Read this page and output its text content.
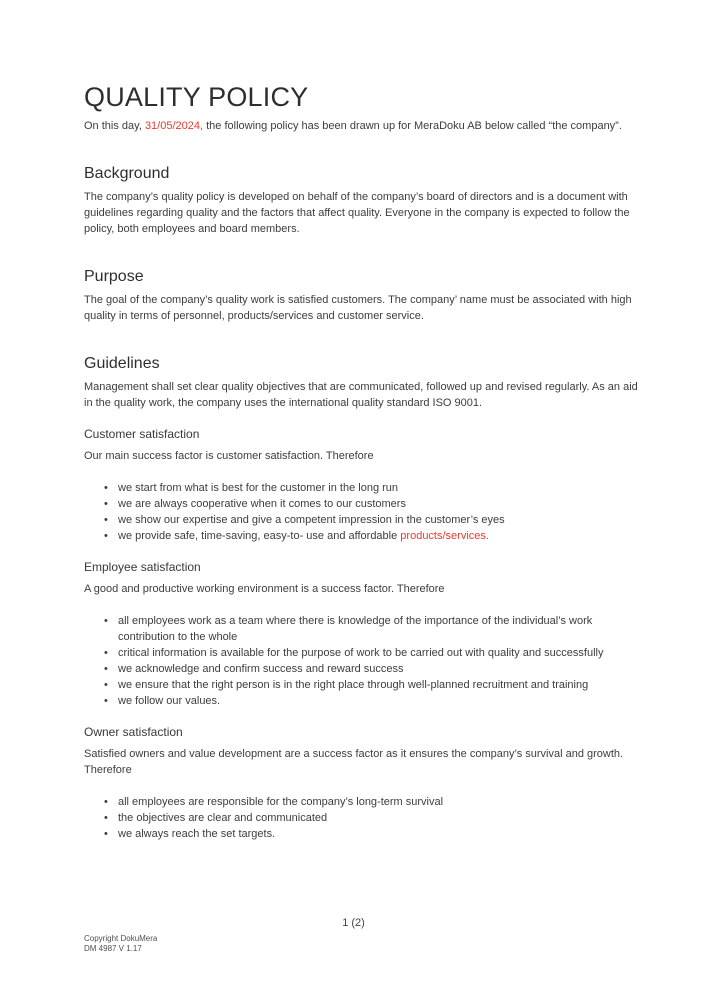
QUALITY POLICY

On this day, 31/05/2024, the following policy has been drawn up for MeraDoku AB below called “the company”.

Background

The company’s quality policy is developed on behalf of the company’s board of directors and is a document with guidelines regarding quality and the factors that affect quality. Everyone in the company is expected to follow the policy, both employees and board members.

Purpose

The goal of the company’s quality work is satisfied customers. The company’ name must be associated with high quality in terms of personnel, products/services and customer service.

Guidelines

Management shall set clear quality objectives that are communicated, followed up and revised regularly. As an aid in the quality work, the company uses the international quality standard ISO 9001.

Customer satisfaction

Our main success factor is customer satisfaction. Therefore

• we start from what is best for the customer in the long run
• we are always cooperative when it comes to our customers
• we show our expertise and give a competent impression in the customer’s eyes
• we provide safe, time-saving, easy-to- use and affordable products/services.
Employee satisfaction

A good and productive working environment is a success factor. Therefore

• all employees work as a team where there is knowledge of the importance of the individual’s work contribution to the whole
• critical information is available for the purpose of work to be carried out with quality and successfully
• we acknowledge and confirm success and reward success
• we ensure that the right person is in the right place through well-planned recruitment and training
• we follow our values.
Owner satisfaction

Satisfied owners and value development are a success factor as it ensures the company’s survival and growth. Therefore

• all employees are responsible for the company’s long-term survival
• the objectives are clear and communicated
• we always reach the set targets.
1 (2)
Copyright DokuMera
DM 4987 V 1.17
